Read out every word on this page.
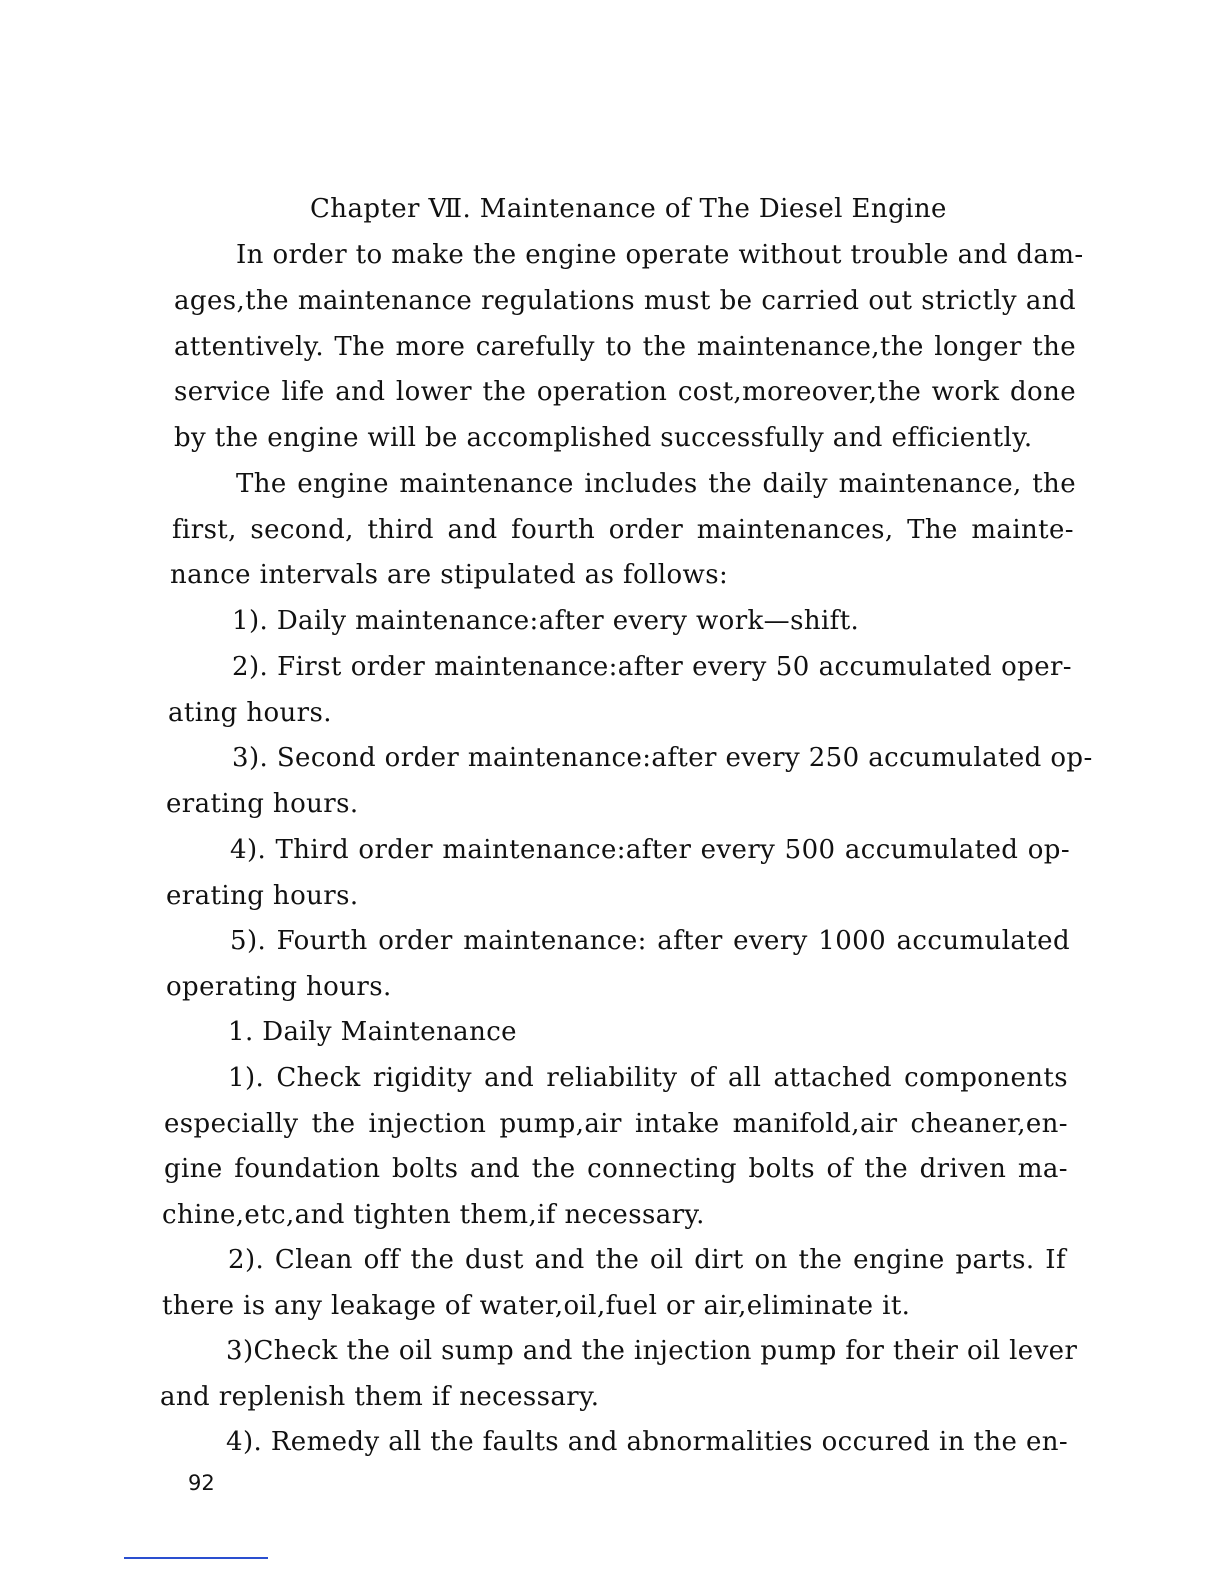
Chapter Ⅶ. Maintenance of The Diesel Engine
In order to make the engine operate without trouble and dam-
ages,the maintenance regulations must be carried out strictly and
attentively. The more carefully to the maintenance,the longer the
service life and lower the operation cost,moreover,the work done
by the engine will be accomplished successfully and efficiently.
The engine maintenance includes the daily maintenance, the
first, second, third and fourth order maintenances, The mainte-
nance intervals are stipulated as follows:
1). Daily maintenance:after every work—shift.
2). First order maintenance:after every 50 accumulated oper-
ating hours.
3). Second order maintenance:after every 250 accumulated op-
erating hours.
4). Third order maintenance:after every 500 accumulated op-
erating hours.
5). Fourth order maintenance: after every 1000 accumulated
operating hours.
1. Daily Maintenance
1). Check rigidity and reliability of all attached components
especially the injection pump,air intake manifold,air cheaner,en-
gine foundation bolts and the connecting bolts of the driven ma-
chine,etc,and tighten them,if necessary.
2). Clean off the dust and the oil dirt on the engine parts. If
there is any leakage of water,oil,fuel or air,eliminate it.
3)Check the oil sump and the injection pump for their oil lever
and replenish them if necessary.
4). Remedy all the faults and abnormalities occured in the en-
92
